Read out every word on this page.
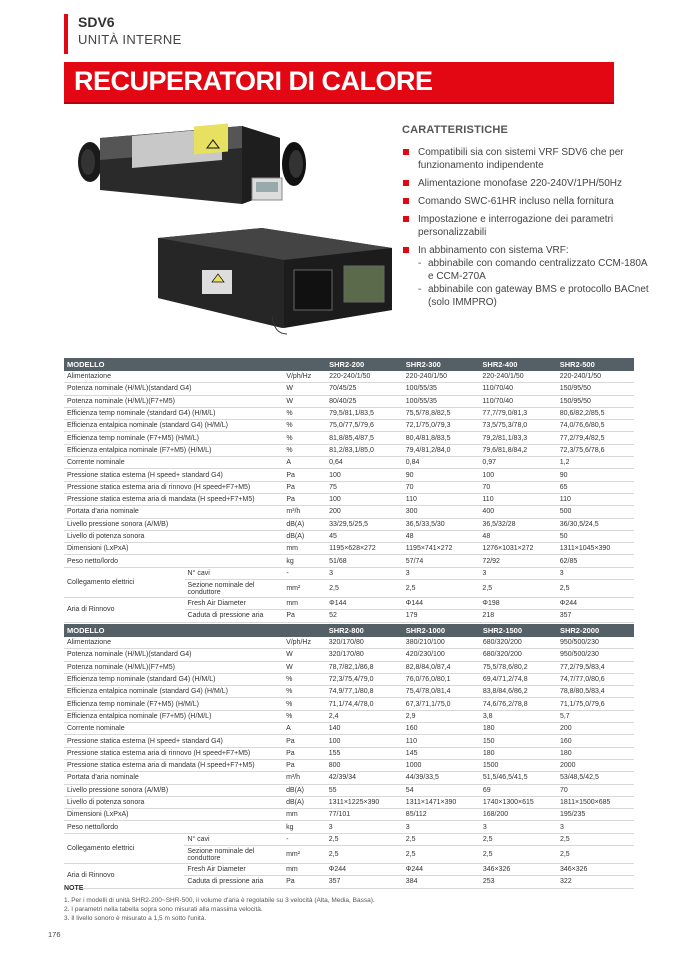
SDV6
UNITÀ INTERNE
RECUPERATORI DI CALORE
CARATTERISTICHE
Compatibili sia con sistemi VRF SDV6 che per funzionamento indipendente
Alimentazione monofase 220-240V/1PH/50Hz
Comando SWC-61HR incluso nella fornitura
Impostazione e interrogazione dei parametri personalizzabili
In abbinamento con sistema VRF:
- abbinabile con comando centralizzato CCM-180A e CCM-270A
- abbinabile con gateway BMS e protocollo BACnet (solo IMMPRO)
MODELLO			SHR2-200	SHR2-300	SHR2-400	SHR2-500
Alimentazione		V/ph/Hz	220-240/1/50	220-240/1/50	220-240/1/50	220-240/1/50
Potenza nominale (H/M/L)(standard G4)		W	70/45/25	100/55/35	110/70/40	150/95/50
Potenza nominale (H/M/L)(F7+M5)		W	80/40/25	100/55/35	110/70/40	150/95/50
Efficienza temp nominale (standard G4) (H/M/L)		%	79,5/81,1/83,5	75,5/78,8/82,5	77,7/79,0/81,3	80,6/82,2/85,5
Efficienza entalpica nominale (standard G4) (H/M/L)		%	75,0/77,5/79,6	72,1/75,0/79,3	73,5/75,3/78,0	74,0/76,6/80,5
Efficienza temp nominale (F7+M5) (H/M/L)		%	81,8/85,4/87,5	80,4/81,8/83,5	79,2/81,1/83,3	77,2/79,4/82,5
Efficienza entalpica nominale (F7+M5) (H/M/L)		%	81,2/83,1/85,0	79,4/81,2/84,0	79,6/81,8/84,2	72,3/75,6/78,6
Corrente nominale		A	0,64	0,84	0,97	1,2
Pressione statica esterna (H speed+ standard G4)		Pa	100	90	100	90
Pressione statica esterna aria di rinnovo (H speed+F7+M5)		Pa	75	70	70	65
Pressione statica esterna aria di mandata (H speed+F7+M5)		Pa	100	110	110	110
Portata d'aria nominale		m³/h	200	300	400	500
Livello pressione sonora (A/M/B)		dB(A)	33/29,5/25,5	36,5/33,5/30	36,5/32/28	36/30,5/24,5
Livello di potenza sonora		dB(A)	45	48	48	50
Dimensioni (LxPxA)		mm	1195×628×272	1195×741×272	1276×1031×272	1311×1045×390
Peso netto/lordo		kg	51/68	57/74	72/92	62/85
Collegamento elettrici	N° cavi	-	3	3	3	3
	Sezione nominale del conduttore	mm²	2,5	2,5	2,5	2,5
Aria di Rinnovo	Fresh Air Diameter	mm	Φ144	Φ144	Φ198	Φ244
	Caduta di pressione aria	Pa	52	179	218	357
MODELLO			SHR2-800	SHR2-1000	SHR2-1500	SHR2-2000
Alimentazione		V/ph/Hz	320/170/80	380/210/100	680/320/200	950/500/230
Potenza nominale (H/M/L)(standard G4)		W	320/170/80	420/230/100	680/320/200	950/500/230
Potenza nominale (H/M/L)(F7+M5)		W	78,7/82,1/86,8	82,8/84,0/87,4	75,5/78,6/80,2	77,2/79,5/83,4
Efficienza temp nominale (standard G4) (H/M/L)		%	72,3/75,4/79,0	76,0/76,0/80,1	69,4/71,2/74,8	74,7/77,0/80,6
Efficienza entalpica nominale (standard G4) (H/M/L)		%	74,9/77,1/80,8	75,4/78,0/81,4	83,8/84,6/86,2	78,8/80,5/83,4
Efficienza temp nominale (F7+M5) (H/M/L)		%	71,1/74,4/78,0	67,3/71,1/75,0	74,6/76,2/78,8	71,1/75,0/79,6
Efficienza entalpica nominale (F7+M5) (H/M/L)		%	2,4	2,9	3,8	5,7
Corrente nominale		A	140	160	180	200
Pressione statica esterna (H speed+ standard G4)		Pa	100	110	150	160
Pressione statica esterna aria di rinnovo (H speed+F7+M5)		Pa	155	145	180	180
Pressione statica esterna aria di mandata (H speed+F7+M5)		Pa	800	1000	1500	2000
Portata d'aria nominale		m³/h	42/39/34	44/39/33,5	51,5/46,5/41,5	53/48,5/42,5
Livello pressione sonora (A/M/B)		dB(A)	55	54	69	70
Livello di potenza sonora		dB(A)	1311×1225×390	1311×1471×390	1740×1300×615	1811×1500×685
Dimensioni (LxPxA)		mm	77/101	85/112	168/200	195/235
Peso netto/lordo		kg	3	3	3	3
Collegamento elettrici	N° cavi	-	2,5	2,5	2,5	2,5
	Sezione nominale del conduttore	mm²	2,5	2,5	2,5	2,5
Aria di Rinnovo	Fresh Air Diameter	mm	Φ244	Φ244	346×326	346×326
	Caduta di pressione aria	Pa	357	384	253	322
NOTE
1. Per i modelli di unità SHR2-200~SHR-500, il volume d'aria è regolabile su 3 velocità (Alta, Media, Bassa).
2. I parametri nella tabella sopra sono misurati alla massima velocità.
3. Il livello sonoro è misurato a 1,5 m sotto l'unità.
176
